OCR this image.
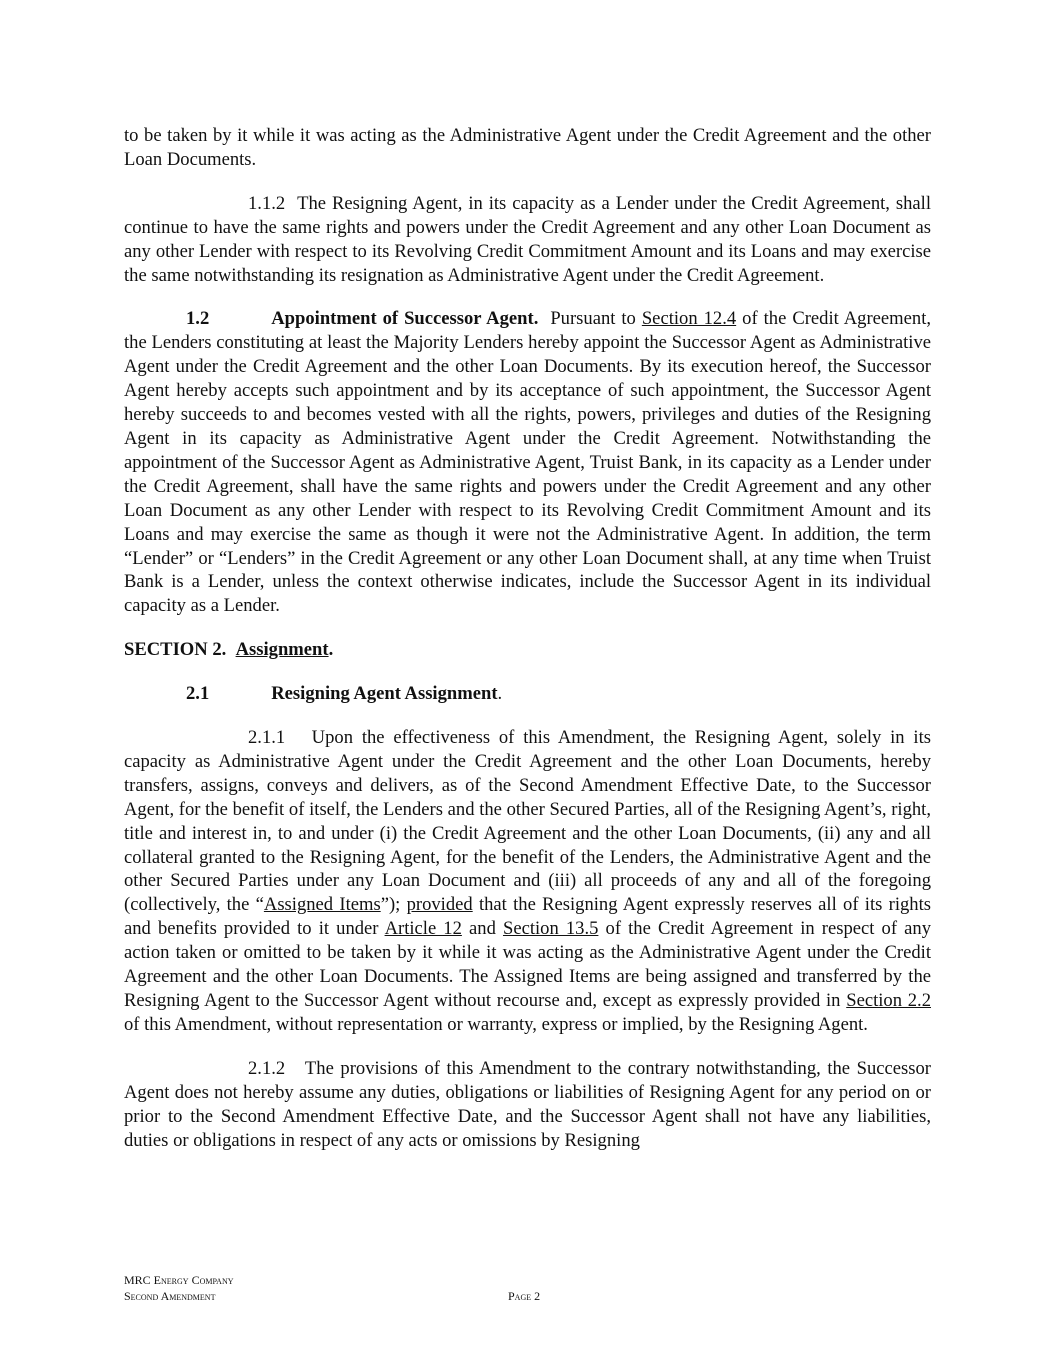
to be taken by it while it was acting as the Administrative Agent under the Credit Agreement and the other Loan Documents.

1.1.2 The Resigning Agent, in its capacity as a Lender under the Credit Agreement, shall continue to have the same rights and powers under the Credit Agreement and any other Loan Document as any other Lender with respect to its Revolving Credit Commitment Amount and its Loans and may exercise the same notwithstanding its resignation as Administrative Agent under the Credit Agreement.

1.2	Appointment of Successor Agent. Pursuant to Section 12.4 of the Credit Agreement, the Lenders constituting at least the Majority Lenders hereby appoint the Successor Agent as Administrative Agent under the Credit Agreement and the other Loan Documents. By its execution hereof, the Successor Agent hereby accepts such appointment and by its acceptance of such appointment, the Successor Agent hereby succeeds to and becomes vested with all the rights, powers, privileges and duties of the Resigning Agent in its capacity as Administrative Agent under the Credit Agreement. Notwithstanding the appointment of the Successor Agent as Administrative Agent, Truist Bank, in its capacity as a Lender under the Credit Agreement, shall have the same rights and powers under the Credit Agreement and any other Loan Document as any other Lender with respect to its Revolving Credit Commitment Amount and its Loans and may exercise the same as though it were not the Administrative Agent. In addition, the term “Lender” or “Lenders” in the Credit Agreement or any other Loan Document shall, at any time when Truist Bank is a Lender, unless the context otherwise indicates, include the Successor Agent in its individual capacity as a Lender.

SECTION 2. Assignment.

2.1	Resigning Agent Assignment.

2.1.1 Upon the effectiveness of this Amendment, the Resigning Agent, solely in its capacity as Administrative Agent under the Credit Agreement and the other Loan Documents, hereby transfers, assigns, conveys and delivers, as of the Second Amendment Effective Date, to the Successor Agent, for the benefit of itself, the Lenders and the other Secured Parties, all of the Resigning Agent’s, right, title and interest in, to and under (i) the Credit Agreement and the other Loan Documents, (ii) any and all collateral granted to the Resigning Agent, for the benefit of the Lenders, the Administrative Agent and the other Secured Parties under any Loan Document and (iii) all proceeds of any and all of the foregoing (collectively, the “Assigned Items”); provided that the Resigning Agent expressly reserves all of its rights and benefits provided to it under Article 12 and Section 13.5 of the Credit Agreement in respect of any action taken or omitted to be taken by it while it was acting as the Administrative Agent under the Credit Agreement and the other Loan Documents. The Assigned Items are being assigned and transferred by the Resigning Agent to the Successor Agent without recourse and, except as expressly provided in Section 2.2 of this Amendment, without representation or warranty, express or implied, by the Resigning Agent.

2.1.2 The provisions of this Amendment to the contrary notwithstanding, the Successor Agent does not hereby assume any duties, obligations or liabilities of Resigning Agent for any period on or prior to the Second Amendment Effective Date, and the Successor Agent shall not have any liabilities, duties or obligations in respect of any acts or omissions by Resigning

MRC Energy Company
Second Amendment	Page 2
